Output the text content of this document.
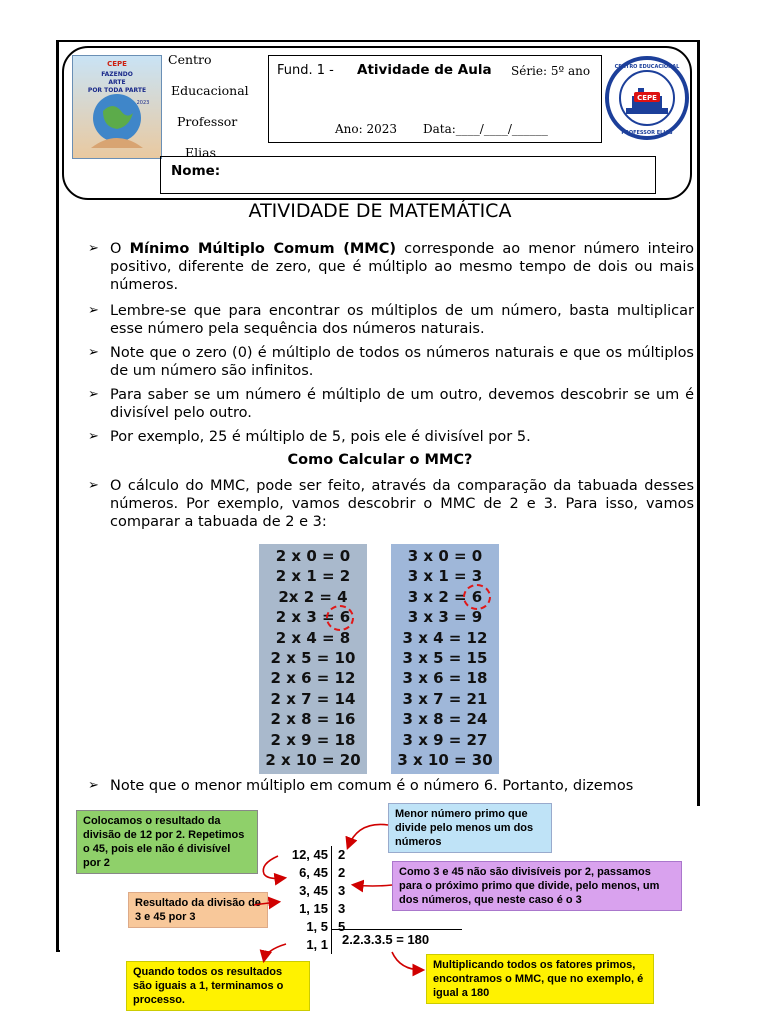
CEPE
FAZENDO
ARTE
POR TODA PARTE
2023
Centro
Educacional
Professor
Elias
Fund. 1 - Atividade de Aula Série: 5º ano
Ano: 2023 Data:____/____/______
Nome:
CEPE
CENTRO EDUCACIONAL
PROFESSOR ELIAS
ATIVIDADE DE MATEMÁTICA
➢ O Mínimo Múltiplo Comum (MMC) corresponde ao menor número inteiro positivo, diferente de zero, que é múltiplo ao mesmo tempo de dois ou mais números.
➢ Lembre-se que para encontrar os múltiplos de um número, basta multiplicar esse número pela sequência dos números naturais.
➢ Note que o zero (0) é múltiplo de todos os números naturais e que os múltiplos de um número são infinitos.
➢ Para saber se um número é múltiplo de um outro, devemos descobrir se um é divisível pelo outro.
➢ Por exemplo, 25 é múltiplo de 5, pois ele é divisível por 5.
Como Calcular o MMC?
➢ O cálculo do MMC, pode ser feito, através da comparação da tabuada desses números. Por exemplo, vamos descobrir o MMC de 2 e 3. Para isso, vamos comparar a tabuada de 2 e 3:
2 x 0 = 0
2 x 1 = 2
2x 2 = 4
2 x 3 = 6
2 x 4 = 8
2 x 5 = 10
2 x 6 = 12
2 x 7 = 14
2 x 8 = 16
2 x 9 = 18
2 x 10 = 20
3 x 0 = 0
3 x 1 = 3
3 x 2 = 6
3 x 3 = 9
3 x 4 = 12
3 x 5 = 15
3 x 6 = 18
3 x 7 = 21
3 x 8 = 24
3 x 9 = 27
3 x 10 = 30
➢ Note que o menor múltiplo em comum é o número 6. Portanto, dizemos
Colocamos o resultado da divisão de 12 por 2. Repetimos o 45, pois ele não é divisível por 2
Menor número primo que divide pelo menos um dos números
Como 3 e 45 não são divisíveis por 2, passamos para o próximo primo que divide, pelo menos, um dos números, que neste caso é o 3
Resultado da divisão de 3 e 45 por 3
Quando todos os resultados são iguais a 1, terminamos o processo.
Multiplicando todos os fatores primos, encontramos o MMC, que no exemplo, é igual a 180
12, 45
6, 45
3, 45
1, 15
1, 5
1, 1
2
2
3
3
5
2.2.3.3.5 = 180
